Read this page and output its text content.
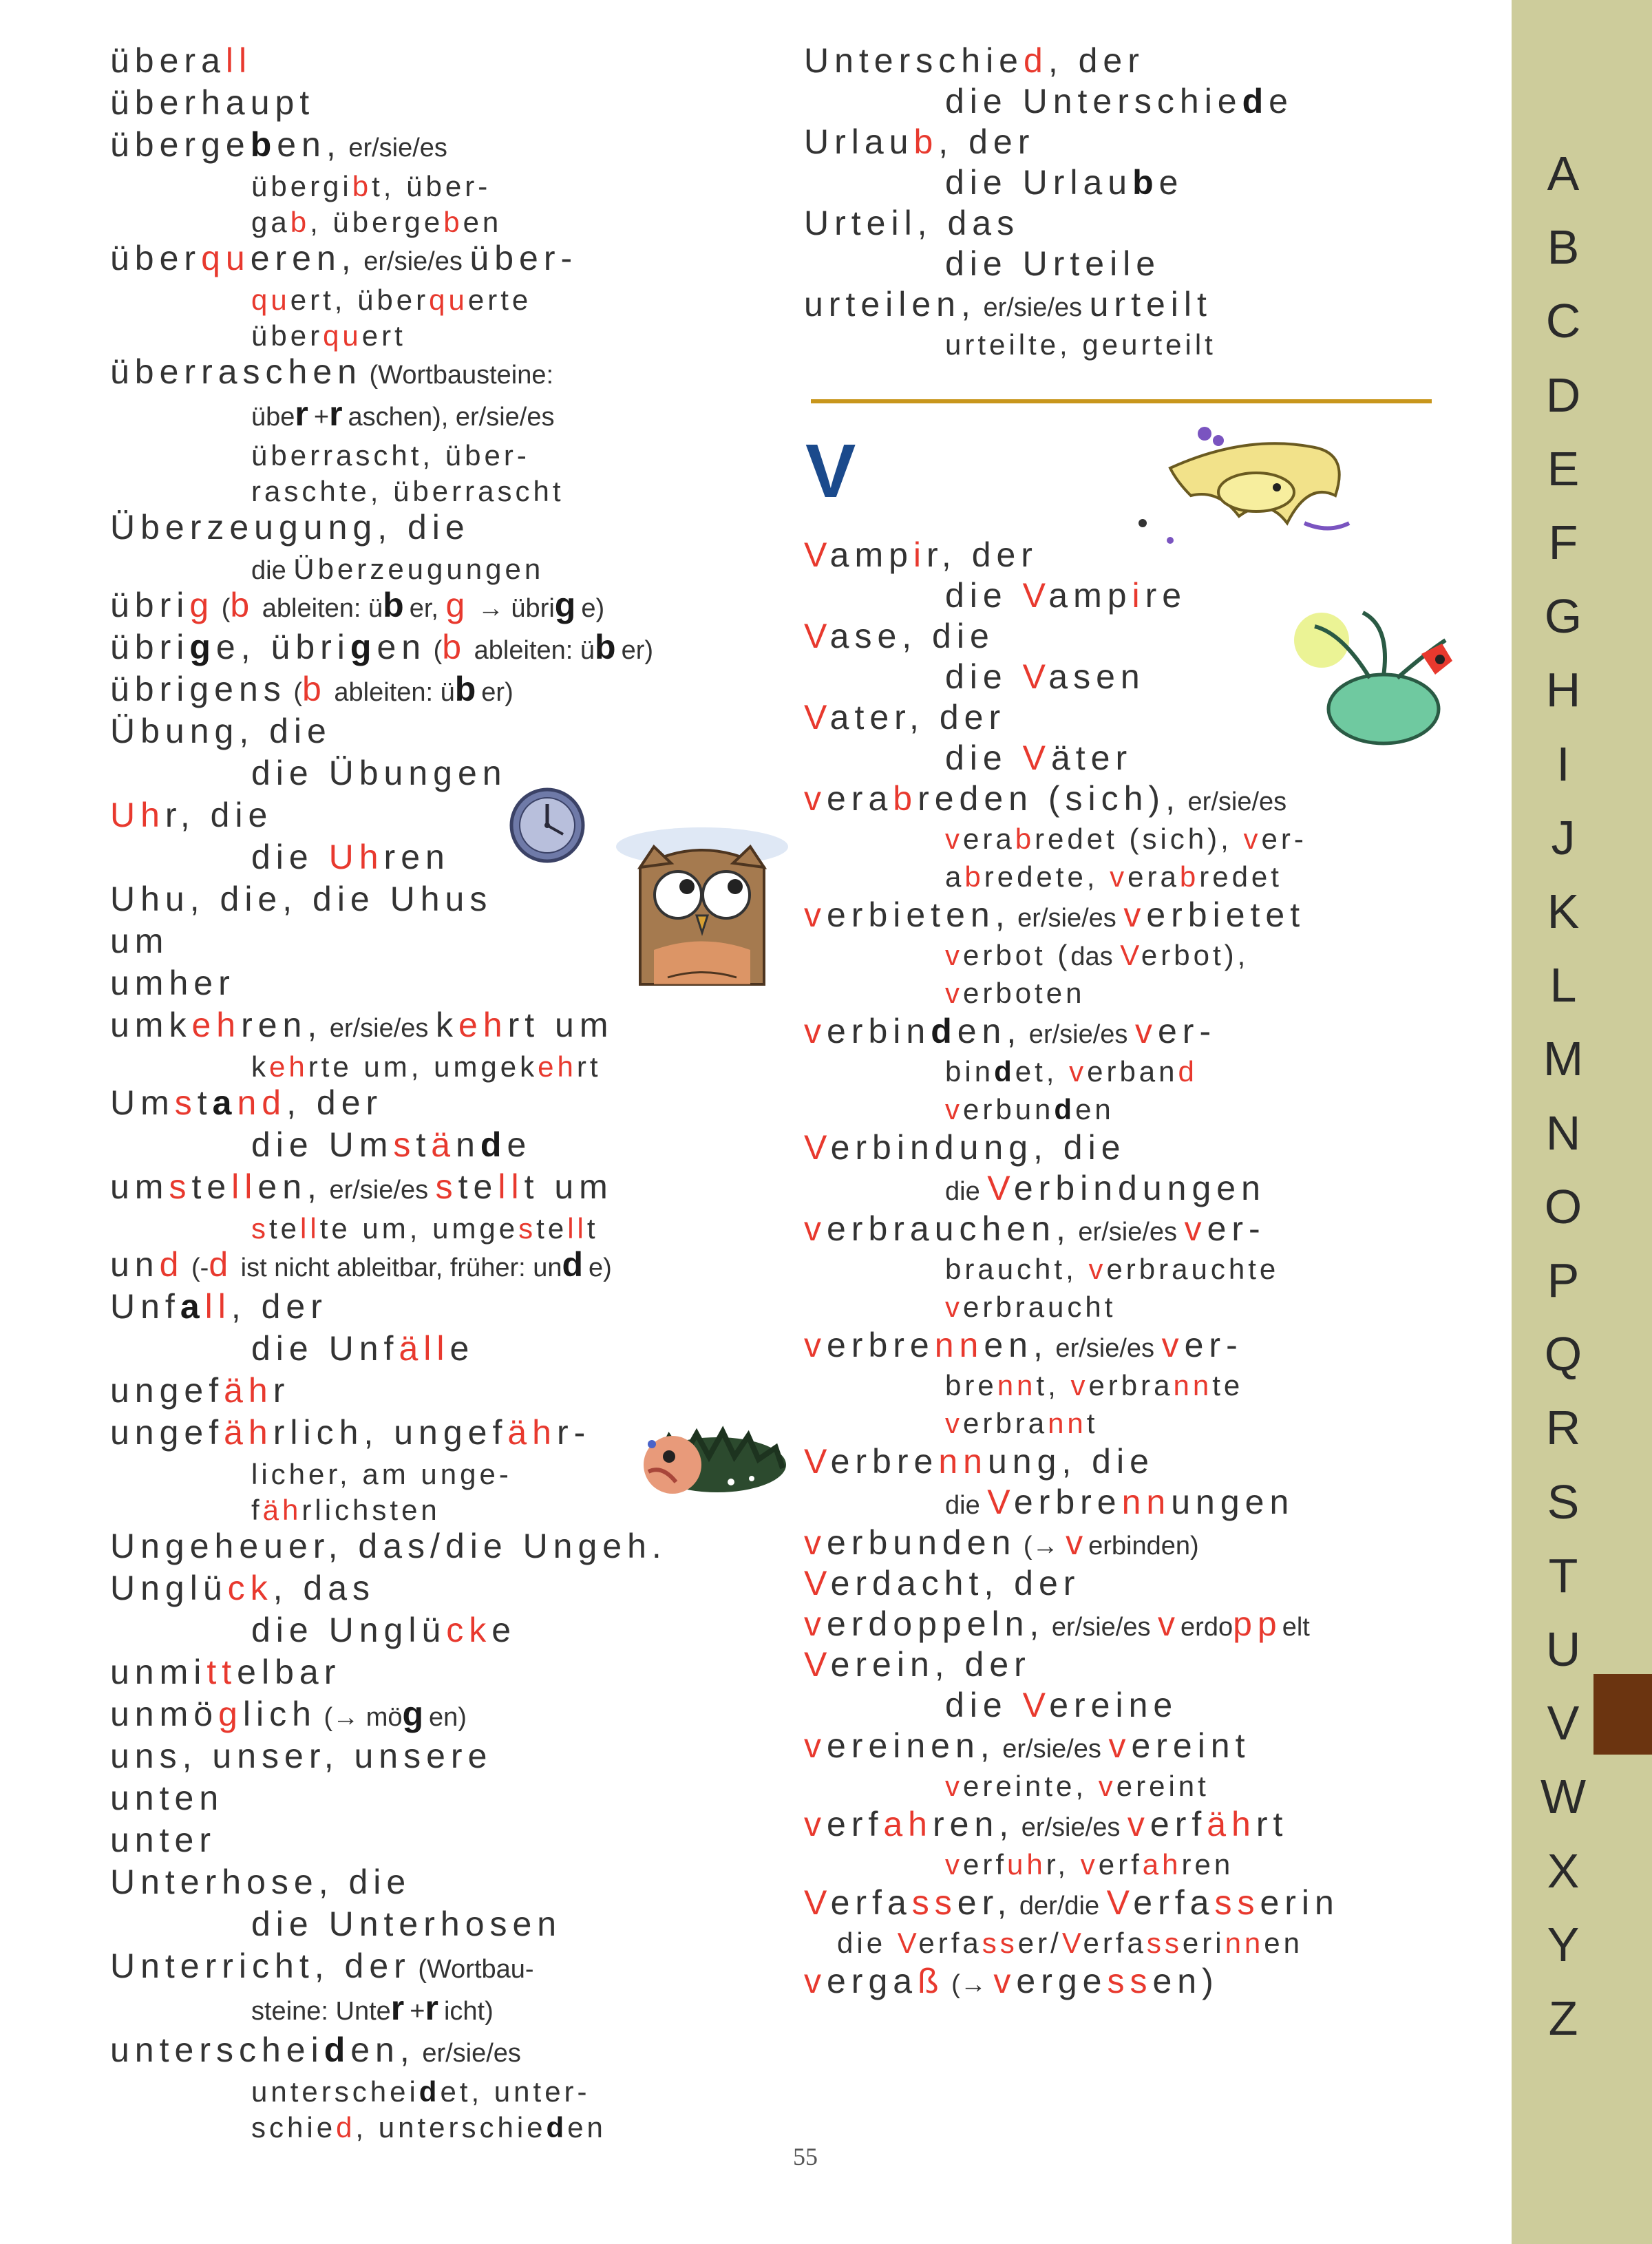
überаll
überhaupt
übergeben, er/sie/es
übergibt, über-
gab, übergeben
überqueren, er/sie/es über-
quert, überquerte
überquert
überraschen (Wortbausteine:
über+raschen), er/sie/es
überrascht, über-
raschte, überrascht
Überzeugung, die
die Überzeugungen
übrig (b ableiten: über, g → übrige)
übrige, übrigen (b ableiten: über)
übrigens (b ableiten: über)
Übung, die
die Übungen
Uhr, die
die Uhren
Uhu, die, die Uhus
um
umher
umkehren, er/sie/es kehrt um
kehrte um, umgekehrt
Umstand, der
die Umstände
umstellen, er/sie/es stellt um
stellte um, umgestellt
und (-d ist nicht ableitbar, früher: unde)
Unfall, der
die Unfälle
ungefähr
ungefährlich, ungefähr-
licher, am unge-
fährlichsten
Ungeheuer, das/die Ungeh.
Unglück, das
die Unglücke
unmittelbar
unmöglich (→ mögen)
uns, unser, unsere
unten
unter
Unterhose, die
die Unterhosen
Unterricht, der (Wortbau-
steine: Unter+richt)
unterscheiden, er/sie/es
unterscheidet, unter-
schied, unterschieden
Unterschied, der
die Unterschiede
Urlaub, der
die Urlaube
Urteil, das
die Urteile
urteilen, er/sie/es urteilt
urteilte, geurteilt
V
Vampir, der
die Vampire
Vase, die
die Vasen
Vater, der
die Väter
verabreden (sich), er/sie/es
verabredet (sich), ver-
abredete, verabredet
verbieten, er/sie/es verbietet
verbot (das Verbot),
verboten
verbinden, er/sie/es ver-
bindet, verband
verbunden
Verbindung, die
die Verbindungen
verbrauchen, er/sie/es ver-
braucht, verbrauchte
verbraucht
verbrennen, er/sie/es ver-
brennt, verbrannte
verbrannt
Verbrennung, die
die Verbrennungen
verbunden (→ verbinden)
Verdacht, der
verdoppeln, er/sie/es verdoppelt
Verein, der
die Vereine
vereinen, er/sie/es vereint
vereinte, vereint
verfahren, er/sie/es verfährt
verfuhr, verfahren
Verfasser, der/die Verfasserin
die Verfasser/Verfasserinnen
vergaß (→ vergessen)
55
A
B
C
D
E
F
G
H
I
J
K
L
M
N
O
P
Q
R
S
T
U
V
W
X
Y
Z
